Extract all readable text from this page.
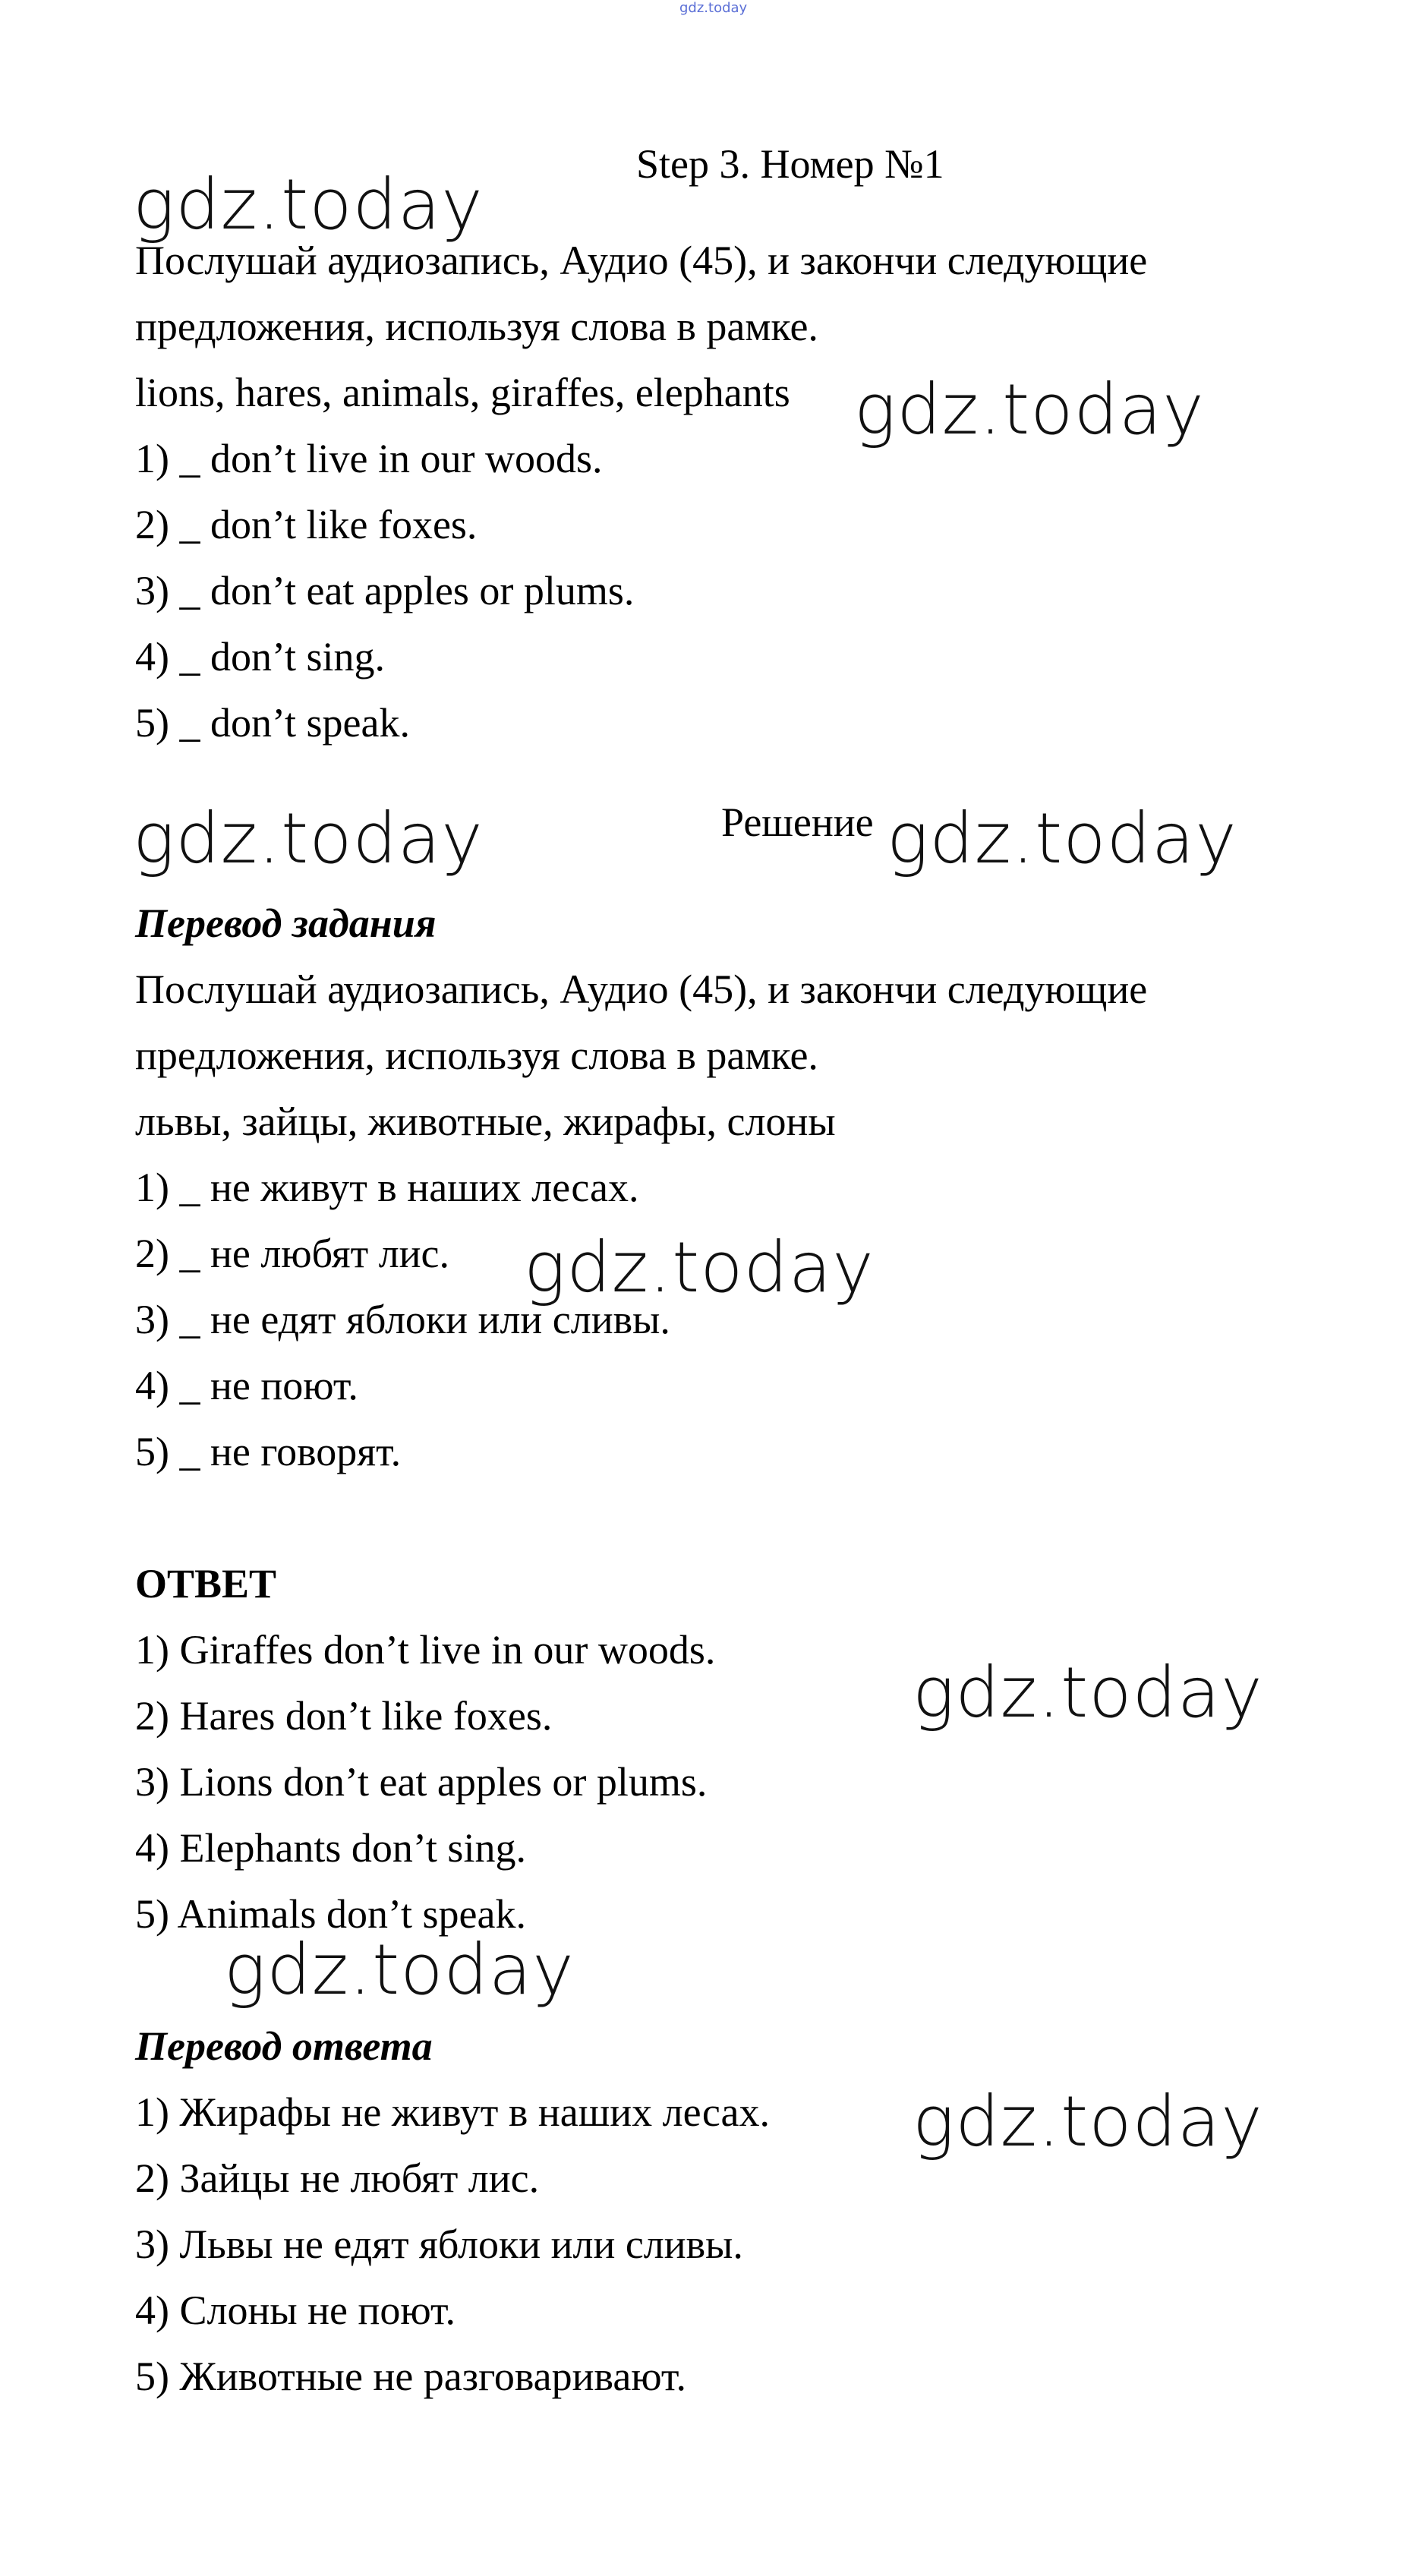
gdz.today
Step 3. Номер №1
Послушай аудиозапись, Аудио (45), и закончи следующие
предложения, используя слова в рамке.
lions, hares, animals, giraffes, elephants
1) _ don’t live in our woods.
2) _ don’t like foxes.
3) _ don’t eat apples or plums.
4) _ don’t sing.
5) _ don’t speak.
Решение
Перевод задания
Послушай аудиозапись, Аудио (45), и закончи следующие
предложения, используя слова в рамке.
львы, зайцы, животные, жирафы, слоны
1) _ не живут в наших лесах.
2) _ не любят лис.
3) _ не едят яблоки или сливы.
4) _ не поют.
5) _ не говорят.
ОТВЕТ
1) Giraffes don’t live in our woods.
2) Hares don’t like foxes.
3) Lions don’t eat apples or plums.
4) Elephants don’t sing.
5) Animals don’t speak.
Перевод ответа
1) Жирафы не живут в наших лесах.
2) Зайцы не любят лис.
3) Львы не едят яблоки или сливы.
4) Слоны не поют.
5) Животные не разговаривают.
gdz.today
gdz.today
gdz.today	gdz.today
gdz.today
gdz.today
gdz.today
gdz.today
